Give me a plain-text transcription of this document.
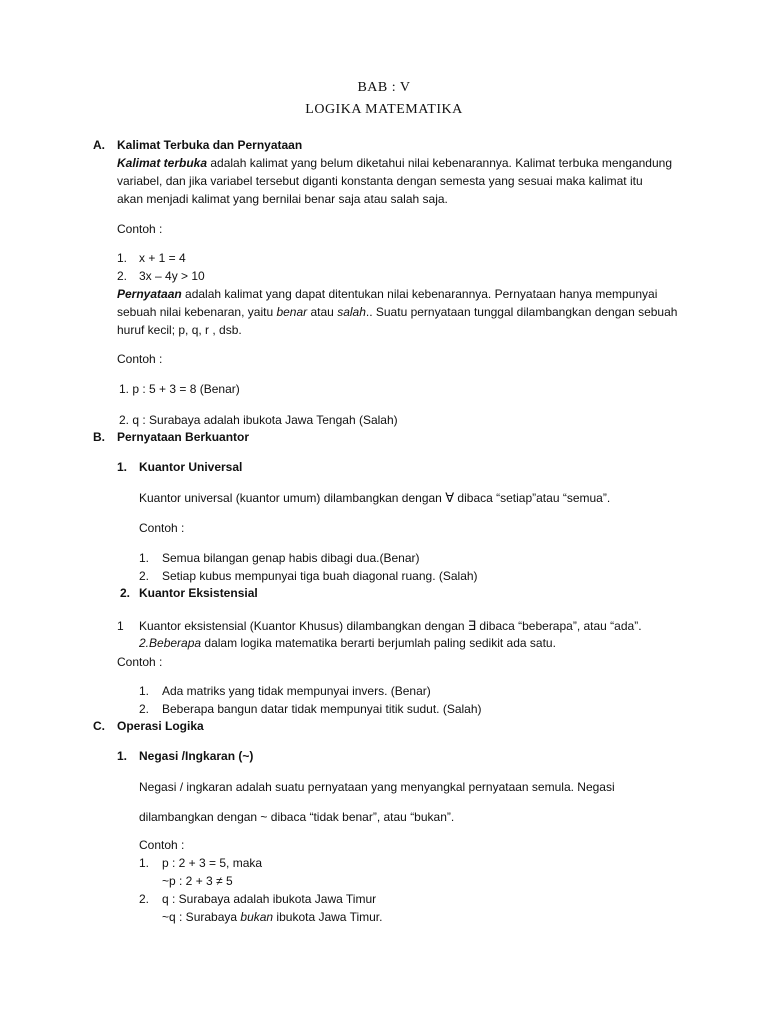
BAB : V
LOGIKA MATEMATIKA
A. Kalimat Terbuka dan Pernyataan
Kalimat terbuka adalah kalimat yang belum diketahui nilai kebenarannya. Kalimat terbuka mengandung
variabel, dan jika variabel tersebut diganti konstanta dengan semesta yang sesuai maka kalimat itu
akan menjadi kalimat yang bernilai benar saja atau salah saja.
Contoh :
1. x + 1 = 4
2. 3x – 4y > 10
Pernyataan adalah kalimat yang dapat ditentukan nilai kebenarannya. Pernyataan hanya mempunyai
sebuah nilai kebenaran, yaitu benar atau salah.. Suatu pernyataan tunggal dilambangkan dengan sebuah
huruf kecil; p, q, r , dsb.
Contoh :
1. p : 5 + 3 = 8 (Benar)
2. q : Surabaya adalah ibukota Jawa Tengah (Salah)
B. Pernyataan Berkuantor
1. Kuantor Universal
Kuantor universal (kuantor umum) dilambangkan dengan ∀ dibaca “setiap”atau “semua”.
Contoh :
1. Semua bilangan genap habis dibagi dua.(Benar)
2. Setiap kubus mempunyai tiga buah diagonal ruang. (Salah)
2. Kuantor Eksistensial
1 Kuantor eksistensial (Kuantor Khusus) dilambangkan dengan ∃ dibaca “beberapa”, atau “ada”.
2.Beberapa dalam logika matematika berarti berjumlah paling sedikit ada satu.
Contoh :
1. Ada matriks yang tidak mempunyai invers. (Benar)
2. Beberapa bangun datar tidak mempunyai titik sudut. (Salah)
C. Operasi Logika
1. Negasi /Ingkaran (~)
Negasi / ingkaran adalah suatu pernyataan yang menyangkal pernyataan semula. Negasi
dilambangkan dengan ~ dibaca “tidak benar”, atau “bukan”.
Contoh :
1. p : 2 + 3 = 5, maka
~p : 2 + 3 ≠ 5
2. q : Surabaya adalah ibukota Jawa Timur
~q : Surabaya bukan ibukota Jawa Timur.
